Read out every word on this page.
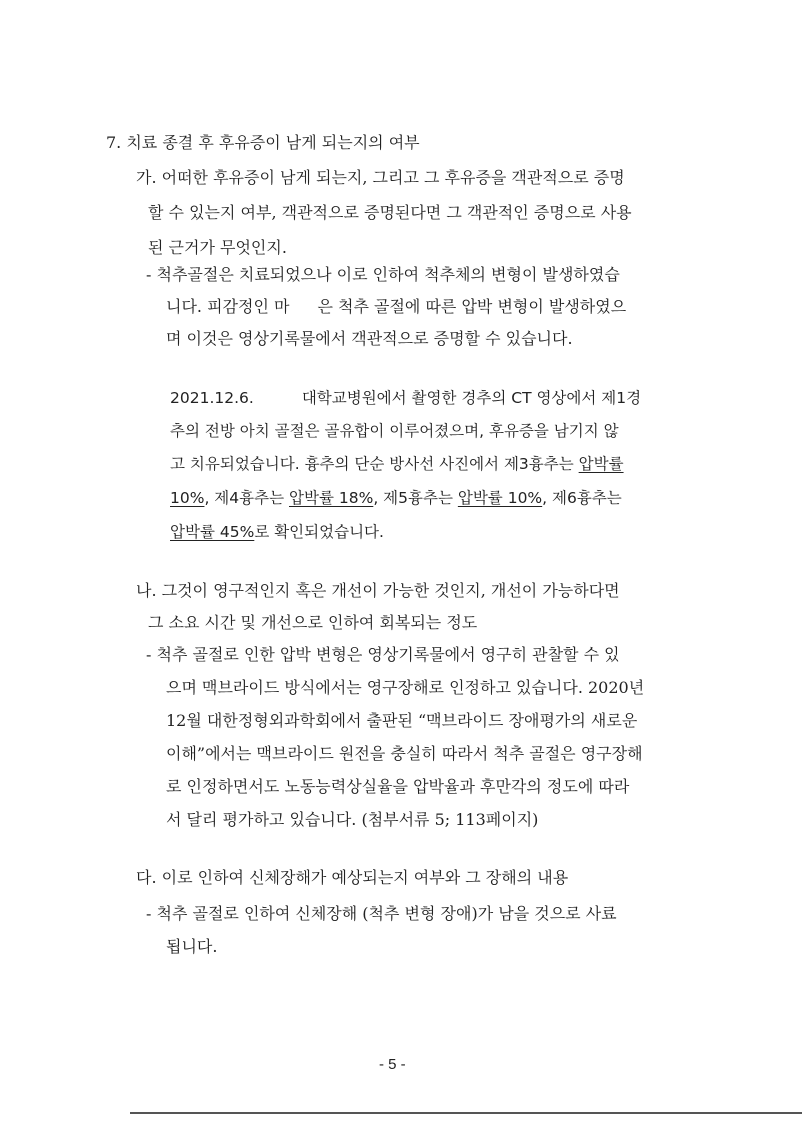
7. 치료 종결 후 후유증이 남게 되는지의 여부

가. 어떠한 후유증이 남게 되는지, 그리고 그 후유증을 객관적으로 증명

할 수 있는지 여부, 객관적으로 증명된다면 그 객관적인 증명으로 사용

된 근거가 무엇인지.

- 척추골절은 치료되었으나 이로 인하여 척추체의 변형이 발생하였습

니다. 피감정인 마 은 척추 골절에 따른 압박 변형이 발생하였으

며 이것은 영상기록물에서 객관적으로 증명할 수 있습니다.

2021.12.6.	대학교병원에서 촬영한 경추의 CT 영상에서 제1경

추의 전방 아치 골절은 골유합이 이루어졌으며, 후유증을 남기지 않

고 치유되었습니다. 흉추의 단순 방사선 사진에서 제3흉추는 압박률

10%, 제4흉추는 압박률 18%, 제5흉추는 압박률 10%, 제6흉추는

압박률 45%로 확인되었습니다.

나. 그것이 영구적인지 혹은 개선이 가능한 것인지, 개선이 가능하다면

그 소요 시간 및 개선으로 인하여 회복되는 정도

- 척추 골절로 인한 압박 변형은 영상기록물에서 영구히 관찰할 수 있

으며 맥브라이드 방식에서는 영구장해로 인정하고 있습니다. 2020년

12월 대한정형외과학회에서 출판된 “맥브라이드 장애평가의 새로운

이해”에서는 맥브라이드 원전을 충실히 따라서 척추 골절은 영구장해

로 인정하면서도 노동능력상실율을 압박율과 후만각의 정도에 따라

서 달리 평가하고 있습니다. (첨부서류 5; 113페이지)

다. 이로 인하여 신체장해가 예상되는지 여부와 그 장해의 내용

- 척추 골절로 인하여 신체장해 (척추 변형 장애)가 남을 것으로 사료

됩니다.

- 5 -
